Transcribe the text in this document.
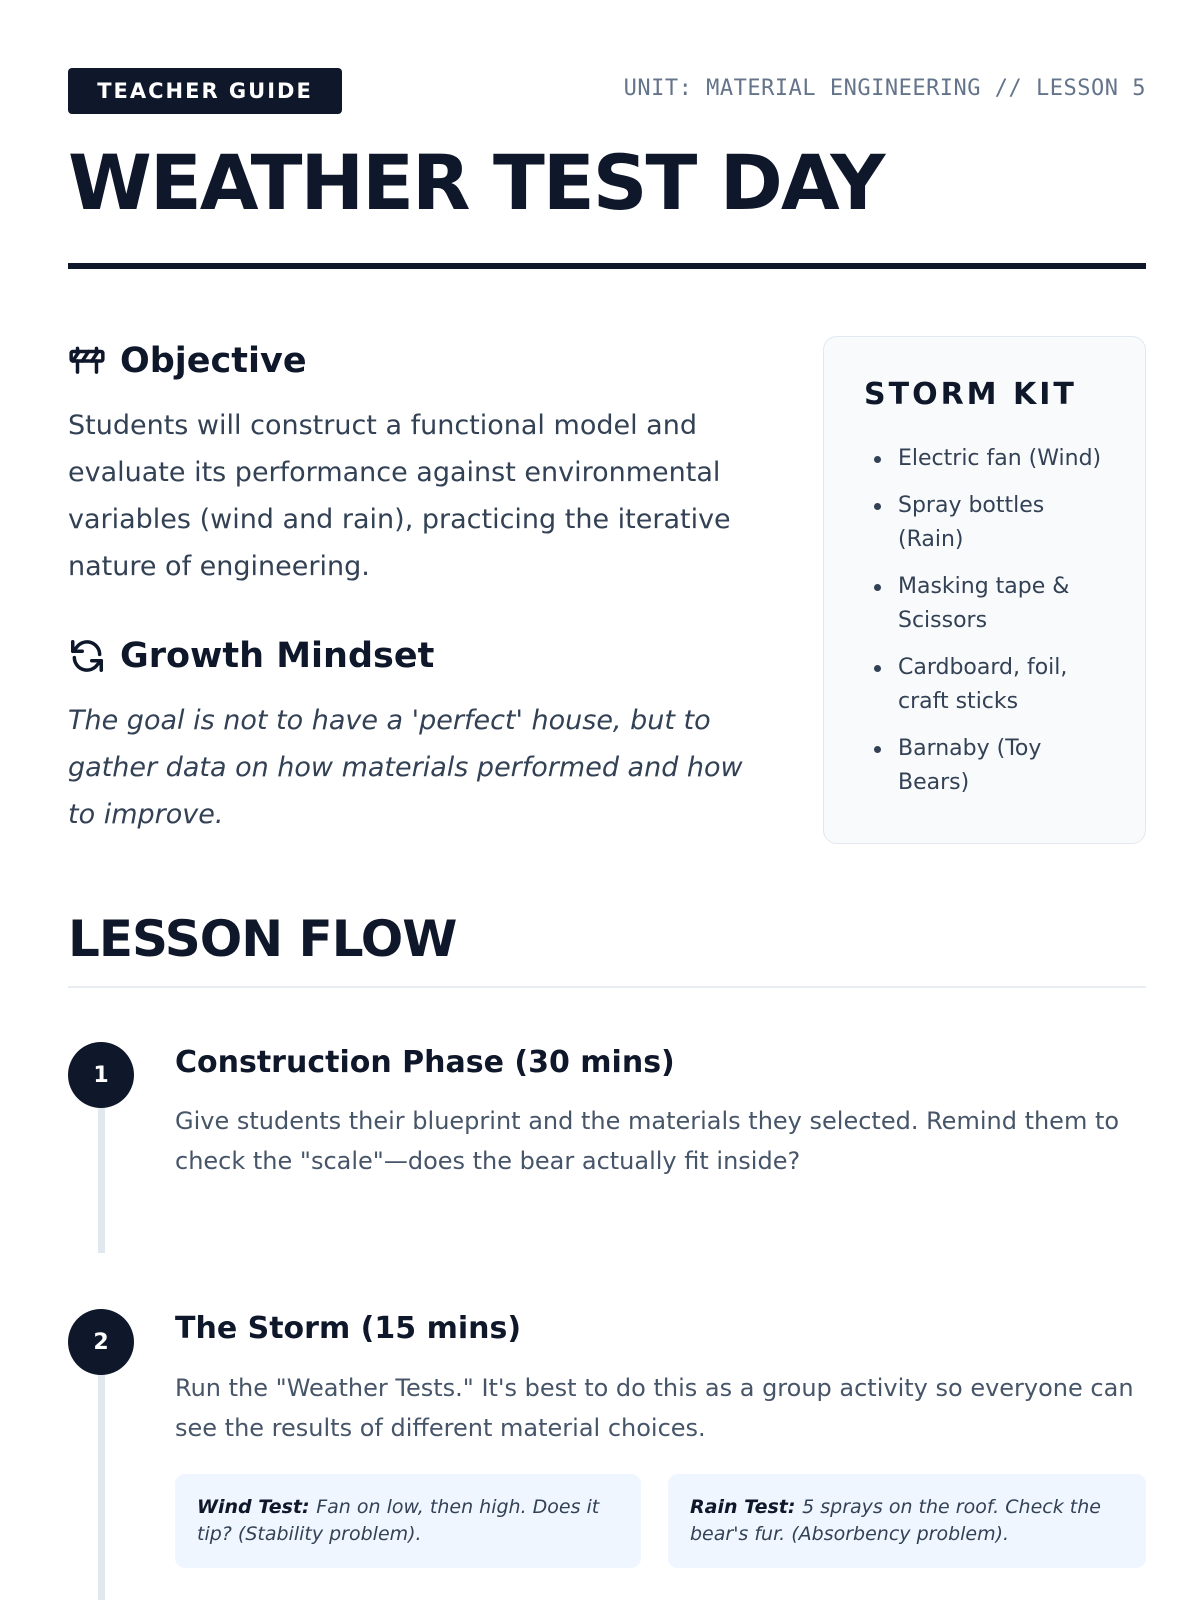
TEACHER GUIDE	UNIT: MATERIAL ENGINEERING // LESSON 5
WEATHER TEST DAY
Objective

Students will construct a functional model and evaluate its performance against environmental variables (wind and rain), practicing the iterative nature of engineering.

Growth Mindset

The goal is not to have a 'perfect' house, but to gather data on how materials performed and how to improve.

STORM KIT
Electric fan (Wind)
Spray bottles (Rain)
Masking tape & Scissors
Cardboard, foil, craft sticks
Barnaby (Toy Bears)
LESSON FLOW
1	Construction Phase (30 mins)

Give students their blueprint and the materials they selected. Remind them to check the "scale"—does the bear actually fit inside?

2	The Storm (15 mins)

Run the "Weather Tests." It's best to do this as a group activity so everyone can see the results of different material choices.

Wind Test: Fan on low, then high. Does it tip? (Stability problem).
Rain Test: 5 sprays on the roof. Check the bear's fur. (Absorbency problem).
